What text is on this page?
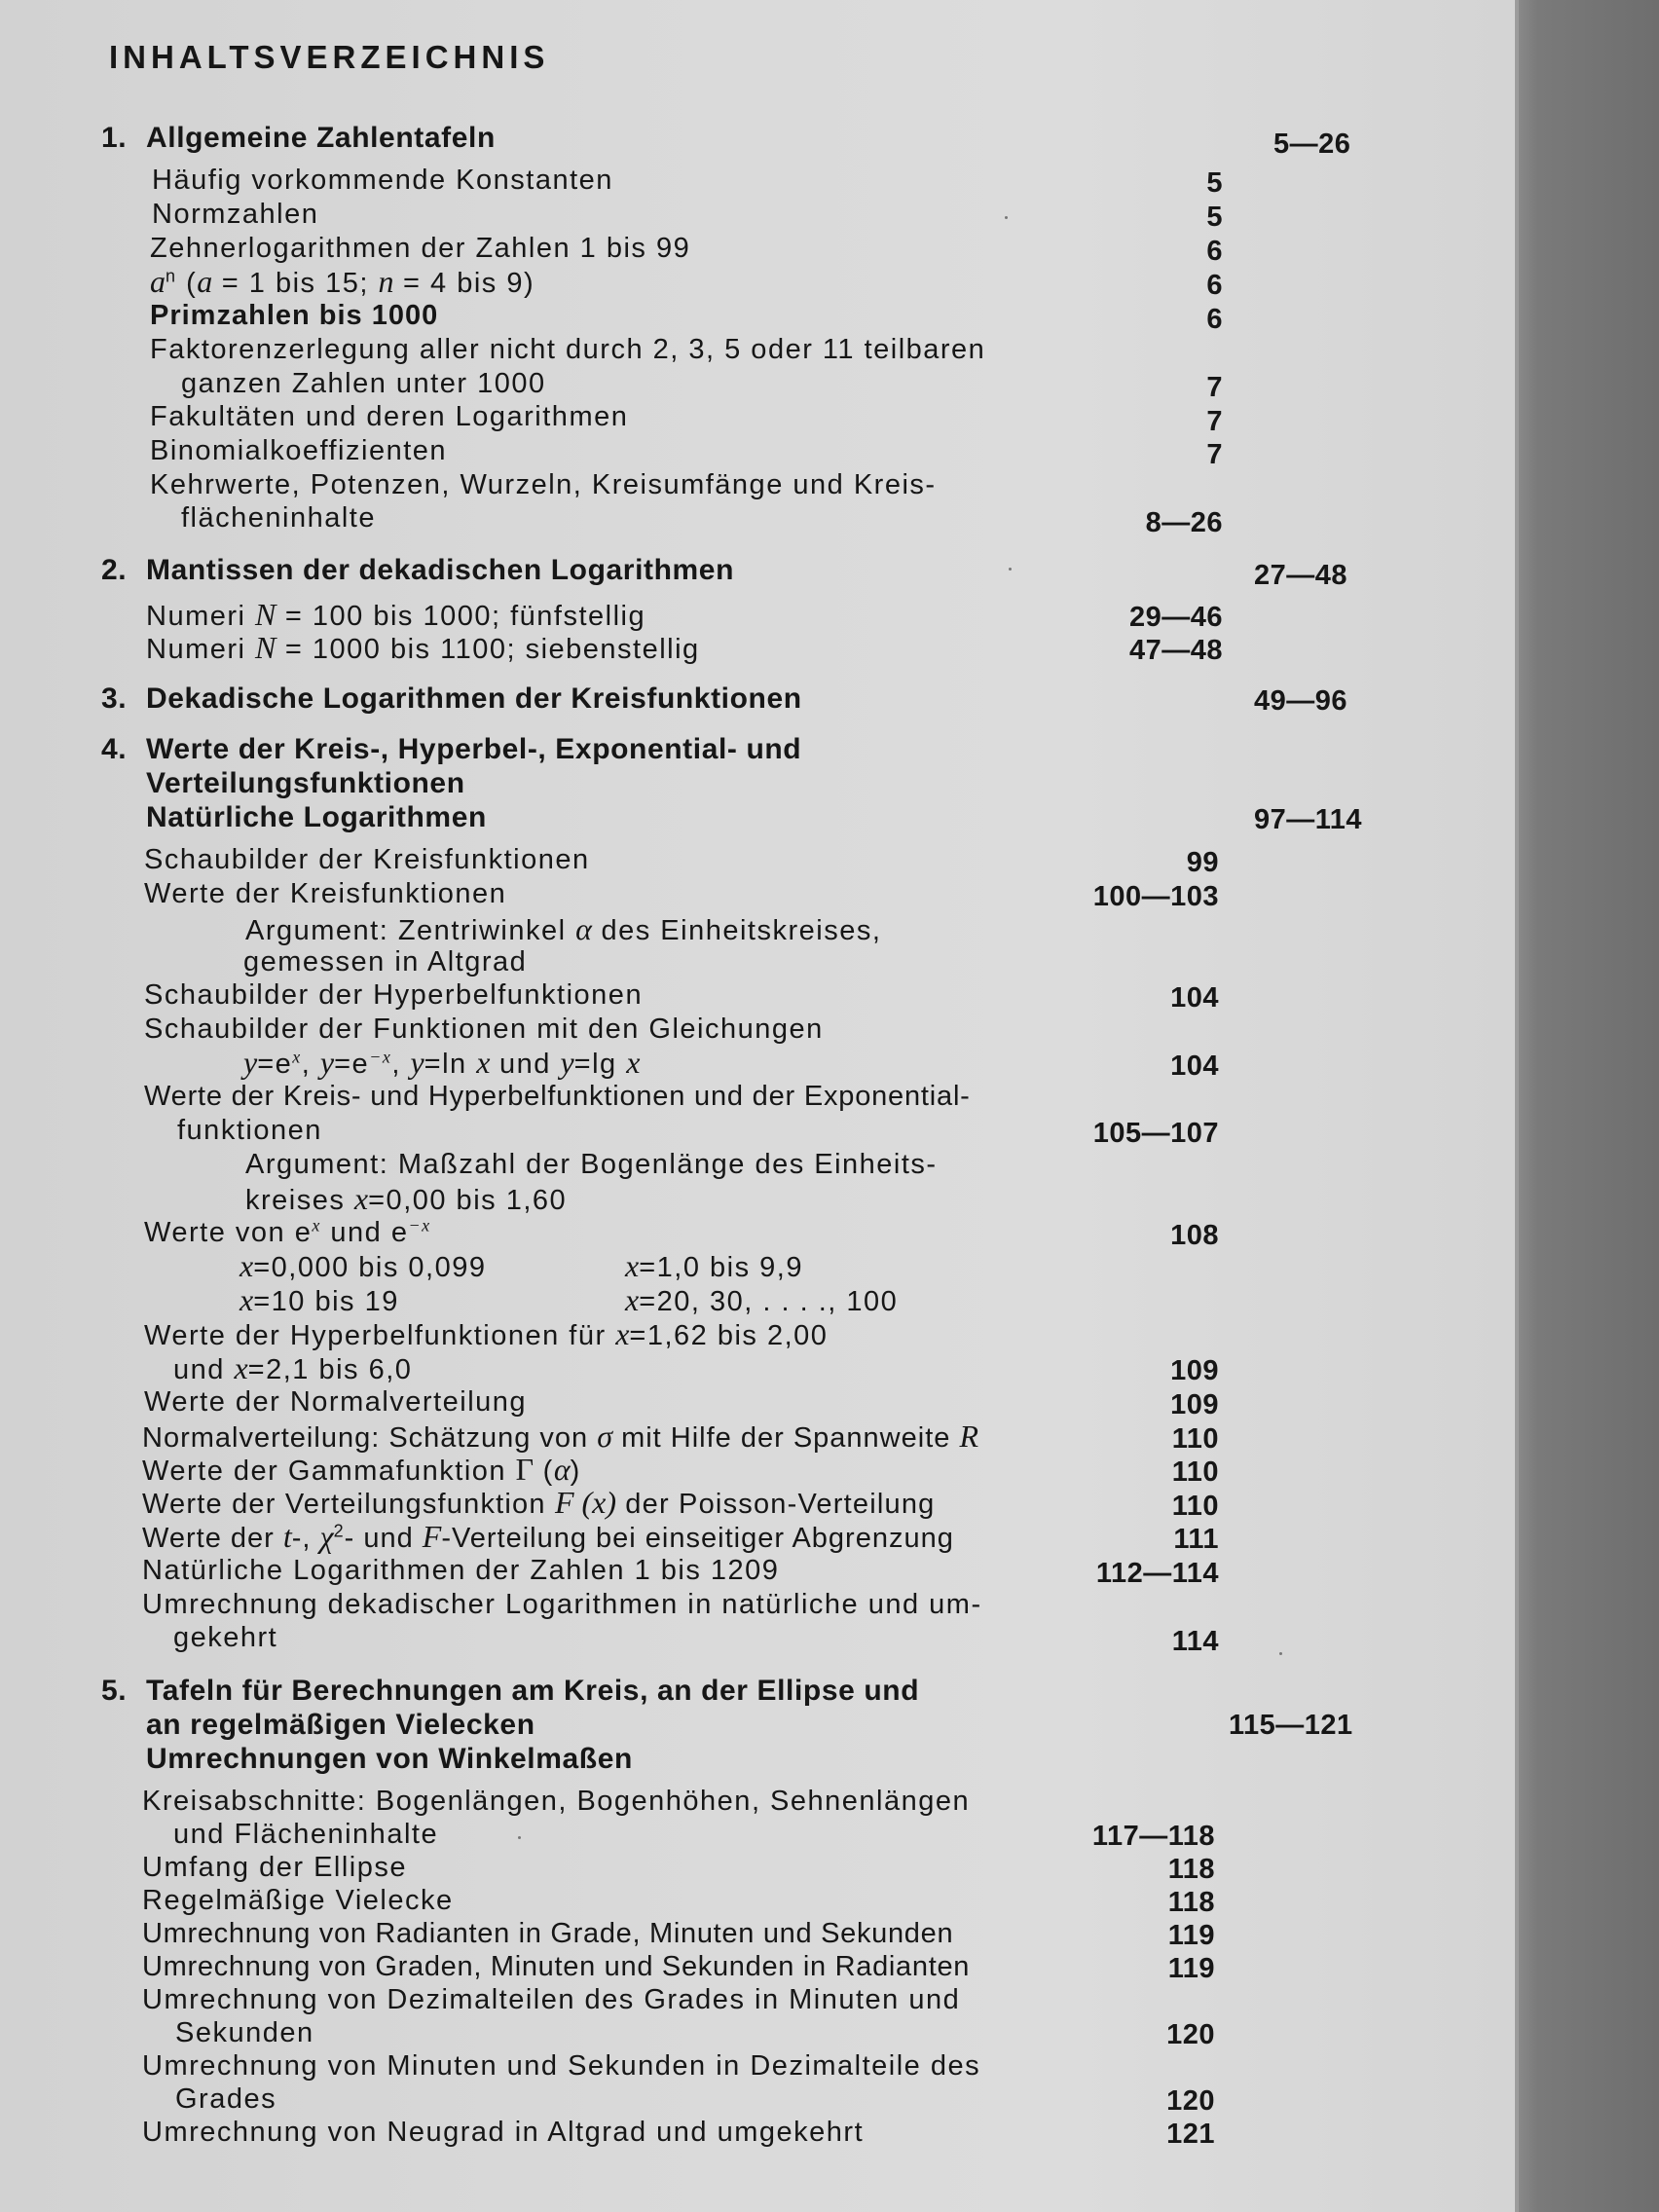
INHALTSVERZEICHNIS
1. Allgemeine Zahlentafeln	5—26
Häufig vorkommende Konstanten	5
Normzahlen	5
Zehnerlogarithmen der Zahlen 1 bis 99	6
$a^n$ (a = 1 bis 15; n = 4 bis 9)	6
Primzahlen bis 1000	6
Faktorenzerlegung aller nicht durch 2, 3, 5 oder 11 teilbaren
ganzen Zahlen unter 1000	7
Fakultäten und deren Logarithmen	7
Binomialkoeffizienten	7
Kehrwerte, Potenzen, Wurzeln, Kreisumfänge und Kreis-
flächeninhalte	8—26
2. Mantissen der dekadischen Logarithmen	27—48
Numeri N = 100 bis 1000; fünfstellig	29—46
Numeri N = 1000 bis 1100; siebenstellig	47—48
3. Dekadische Logarithmen der Kreisfunktionen	49—96
4. Werte der Kreis-, Hyperbel-, Exponential- und
Verteilungsfunktionen
Natürliche Logarithmen	97—114
Schaubilder der Kreisfunktionen	99
Werte der Kreisfunktionen	100—103
Argument: Zentriwinkel α des Einheitskreises,
gemessen in Altgrad
Schaubilder der Hyperbelfunktionen	104
Schaubilder der Funktionen mit den Gleichungen
$y=e^x$, $y=e^{-x}$, y=ln x und y=lg x	104
Werte der Kreis- und Hyperbelfunktionen und der Exponential-
funktionen	105—107
Argument: Maßzahl der Bogenlänge des Einheits-
kreises x=0,00 bis 1,60
Werte von $e^x$ und $e^{-x}$	108
x=0,000 bis 0,099	x=1,0 bis 9,9
x=10 bis 19	x=20, 30, . . . ., 100
Werte der Hyperbelfunktionen für x=1,62 bis 2,00
und x=2,1 bis 6,0	109
Werte der Normalverteilung	109
Normalverteilung: Schätzung von σ mit Hilfe der Spannweite R	110
Werte der Gammafunktion Γ (α)	110
Werte der Verteilungsfunktion F (x) der Poisson-Verteilung	110
Werte der t-, $\chi^2-$ und F-Verteilung bei einseitiger Abgrenzung	111
Natürliche Logarithmen der Zahlen 1 bis 1209	112—114
Umrechnung dekadischer Logarithmen in natürliche und um-
gekehrt	114
5. Tafeln für Berechnungen am Kreis, an der Ellipse und
an regelmäßigen Vielecken
Umrechnungen von Winkelmaßen
115—121
Kreisabschnitte: Bogenlängen, Bogenhöhen, Sehnenlängen
und Flächeninhalte	117—118
Umfang der Ellipse	118
Regelmäßige Vielecke	118
Umrechnung von Radianten in Grade, Minuten und Sekunden	119
Umrechnung von Graden, Minuten und Sekunden in Radianten	119
Umrechnung von Dezimalteilen des Grades in Minuten und
Sekunden	120
Umrechnung von Minuten und Sekunden in Dezimalteile des
Grades	120
Umrechnung von Neugrad in Altgrad und umgekehrt	121
